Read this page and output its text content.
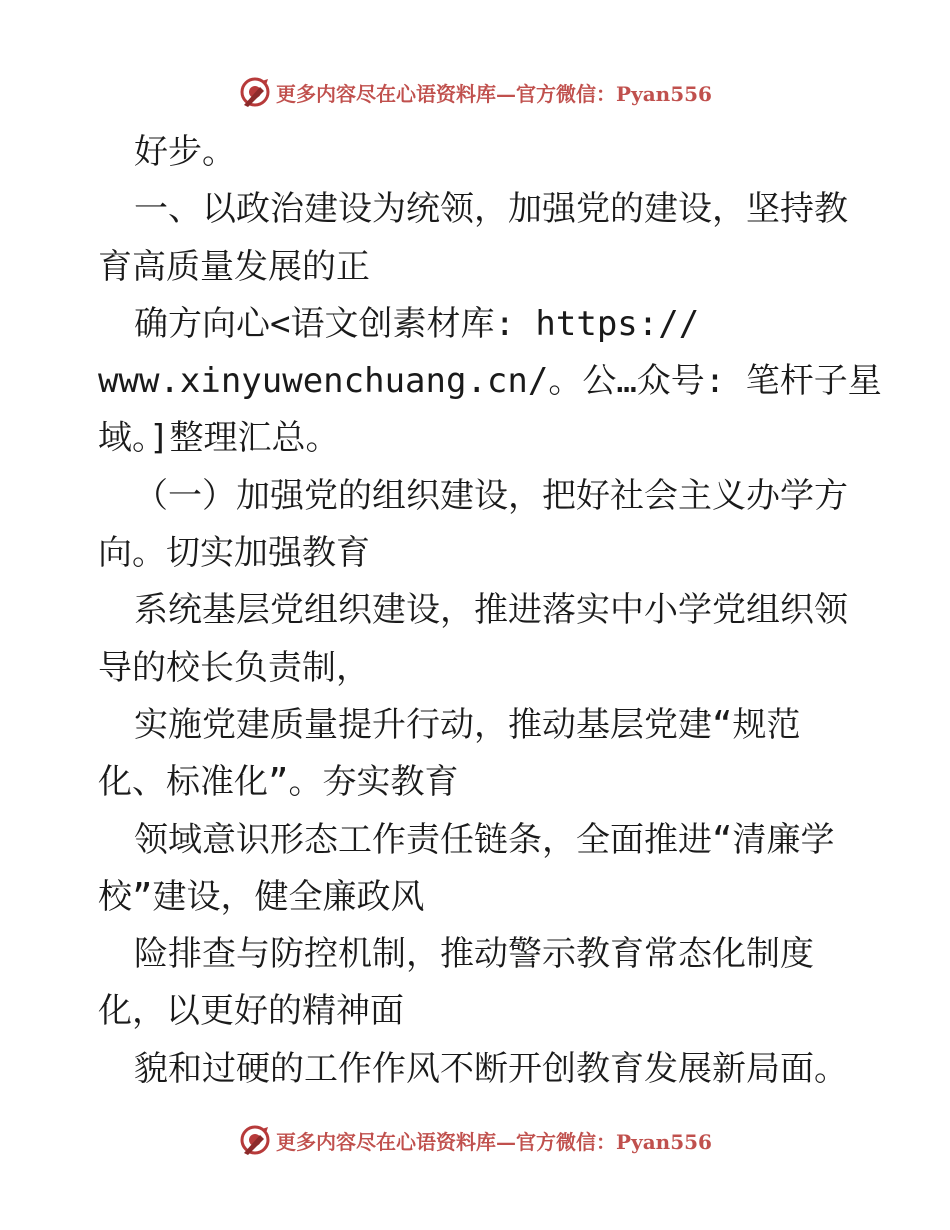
更多内容尽在心语资料库—官方微信：Pyan556
好步。
一、以政治建设为统领，加强党的建设，坚持教
育高质量发展的正
确方向心<语文创素材库: https://
www.xinyuwenchuang.cn/。公…众号: 笔杆子星
域。]整理汇总。
（一）加强党的组织建设，把好社会主义办学方
向。切实加强教育
系统基层党组织建设，推进落实中小学党组织领
导的校长负责制，
实施党建质量提升行动，推动基层党建“规范
化、标准化”。夯实教育
领域意识形态工作责任链条，全面推进“清廉学
校”建设，健全廉政风
险排查与防控机制，推动警示教育常态化制度
化，以更好的精神面
貌和过硬的工作作风不断开创教育发展新局面。
更多内容尽在心语资料库—官方微信：Pyan556
